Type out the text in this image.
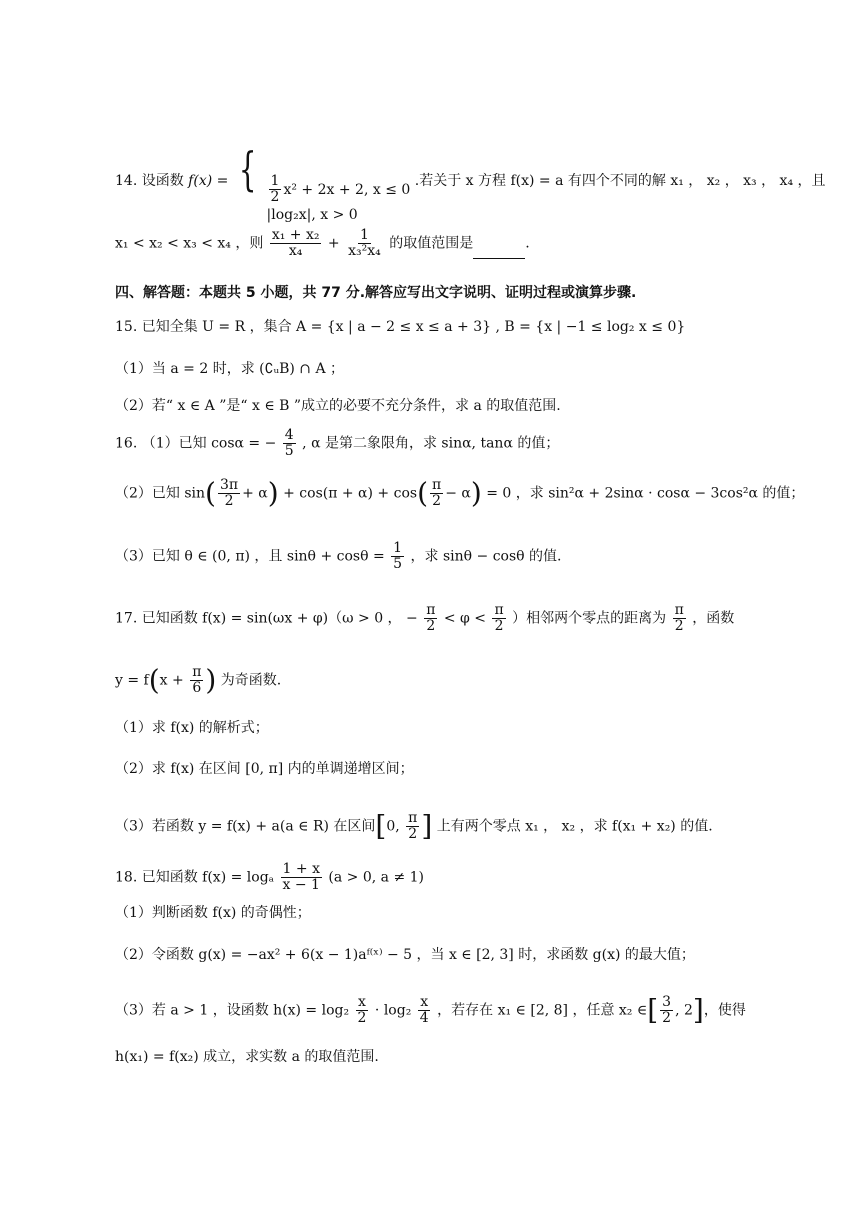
14. 设函数 f(x) = { $\frac{1}{2} x^2 + 2x + 2$, x ≤ 0
|log₂x|, x > 0
.若关于 x 方程 f(x) = a 有四个不同的解 x₁ ， x₂ ， x₃ ， x₄ ，且
x₁ < x₂ < x₃ < x₄ ，则 $\frac{\text{x₁ + x₂}}{\text{x₄}} + \frac{1}{\text{x₃²x₄}}$ 的取值范围是	.
四、解答题：本题共 5 小题，共 77 分.解答应写出文字说明、证明过程或演算步骤.
15. 已知全集 U = R ，集合 A = {x | a − 2 ≤ x ≤ a + 3} , B = {x | −1 ≤ log₂ x ≤ 0}
（1）当 a = 2 时，求 (∁ᵤB) ∩ A ；
（2）若“ x ∈ A ”是“ x ∈ B ”成立的必要不充分条件，求 a 的取值范围.
16. （1）已知 cosα = − $\frac{4}{5}$ , α 是第二象限角，求 sinα, tanα 的值；
（2）已知 $\sin( \frac{3\pi}{2} + \alpha) + \cos(\pi + \alpha) + \cos( \frac{\pi}{2} - \alpha) = 0$ ，求 sin²α + 2sinα · cosα − 3cos²α 的值；
（3）已知 θ ∈ (0, π) ，且 $\sin\theta + \cos\theta = \frac{1}{5}$ ，求 sinθ − cosθ 的值.
17. 已知函数 f(x) = sin(ωx + φ)（ω > 0 ， − $\frac{\pi}{2} < \varphi < \frac{\pi}{2}$ ）相邻两个零点的距离为 $\frac{\pi}{2}$ ，函数
$y = f(x + \frac{\pi}{6}$ ) 为奇函数.
（1）求 f(x) 的解析式；
（2）求 f(x) 在区间 [0, π] 内的单调递增区间；
（3）若函数 y = f(x) + a(a ∈ R) 在区间[0, $\frac{\pi}{2}$ ] 上有两个零点 x₁ ， x₂ ，求 f(x₁ + x₂) 的值.
18. 已知函数 f(x) = logₐ $\frac{1 + x}{x - 1} (a > 0$, a ≠ 1)
（1）判断函数 f(x) 的奇偶性；
（2）令函数 g(x) = −ax² + 6(x − 1)aᶠ⁽ˣ⁾ − 5 ，当 x ∈ [2, 3] 时，求函数 g(x) 的最大值；
（3）若 a > 1 ，设函数 $h(x) = \log_2 \frac{x}{2} \cdot \log_2 \frac{x}{4}$ ，若存在 x₁ ∈ [2, 8] ，任意 x₂ ∈[ $\frac{3}{2}$ , 2]，使得
h(x₁) = f(x₂) 成立，求实数 a 的取值范围.
